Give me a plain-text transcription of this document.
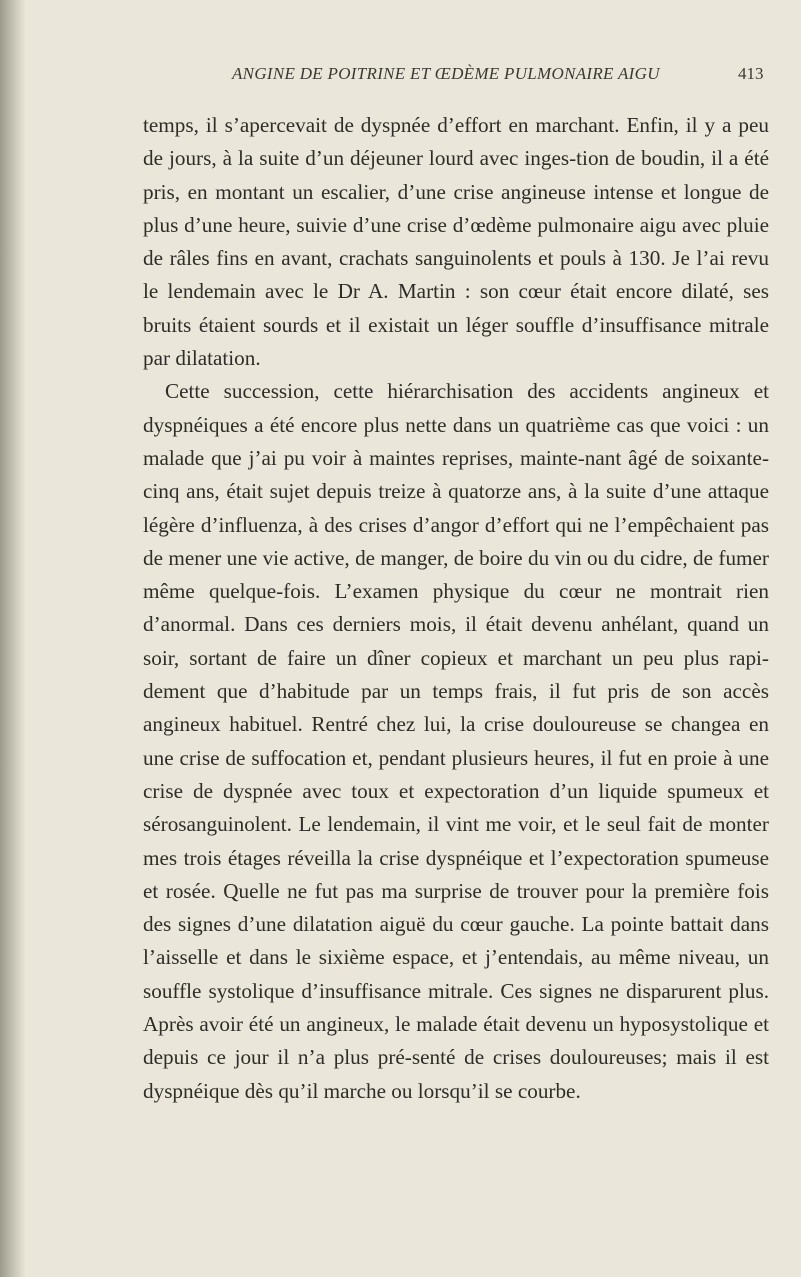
ANGINE DE POITRINE ET ŒDÈME PULMONAIRE AIGU	413

temps, il s’apercevait de dyspnée d’effort en marchant. Enfin, il y a peu de jours, à la suite d’un déjeuner lourd avec inges-tion de boudin, il a été pris, en montant un escalier, d’une crise angineuse intense et longue de plus d’une heure, suivie d’une crise d’œdème pulmonaire aigu avec pluie de râles fins en avant, crachats sanguinolents et pouls à 130. Je l’ai revu le lendemain avec le Dr A. Martin : son cœur était encore dilaté, ses bruits étaient sourds et il existait un léger souffle d’insuffisance mitrale par dilatation.

Cette succession, cette hiérarchisation des accidents angineux et dyspnéiques a été encore plus nette dans un quatrième cas que voici : un malade que j’ai pu voir à maintes reprises, mainte-nant âgé de soixante-cinq ans, était sujet depuis treize à quatorze ans, à la suite d’une attaque légère d’influenza, à des crises d’angor d’effort qui ne l’empêchaient pas de mener une vie active, de manger, de boire du vin ou du cidre, de fumer même quelque-fois. L’examen physique du cœur ne montrait rien d’anormal. Dans ces derniers mois, il était devenu anhélant, quand un soir, sortant de faire un dîner copieux et marchant un peu plus rapi-dement que d’habitude par un temps frais, il fut pris de son accès angineux habituel. Rentré chez lui, la crise douloureuse se changea en une crise de suffocation et, pendant plusieurs heures, il fut en proie à une crise de dyspnée avec toux et expectoration d’un liquide spumeux et sérosanguinolent. Le lendemain, il vint me voir, et le seul fait de monter mes trois étages réveilla la crise dyspnéique et l’expectoration spumeuse et rosée. Quelle ne fut pas ma surprise de trouver pour la première fois des signes d’une dilatation aiguë du cœur gauche. La pointe battait dans l’aisselle et dans le sixième espace, et j’entendais, au même niveau, un souffle systolique d’insuffisance mitrale. Ces signes ne disparurent plus. Après avoir été un angineux, le malade était devenu un hyposystolique et depuis ce jour il n’a plus pré-senté de crises douloureuses; mais il est dyspnéique dès qu’il marche ou lorsqu’il se courbe.
